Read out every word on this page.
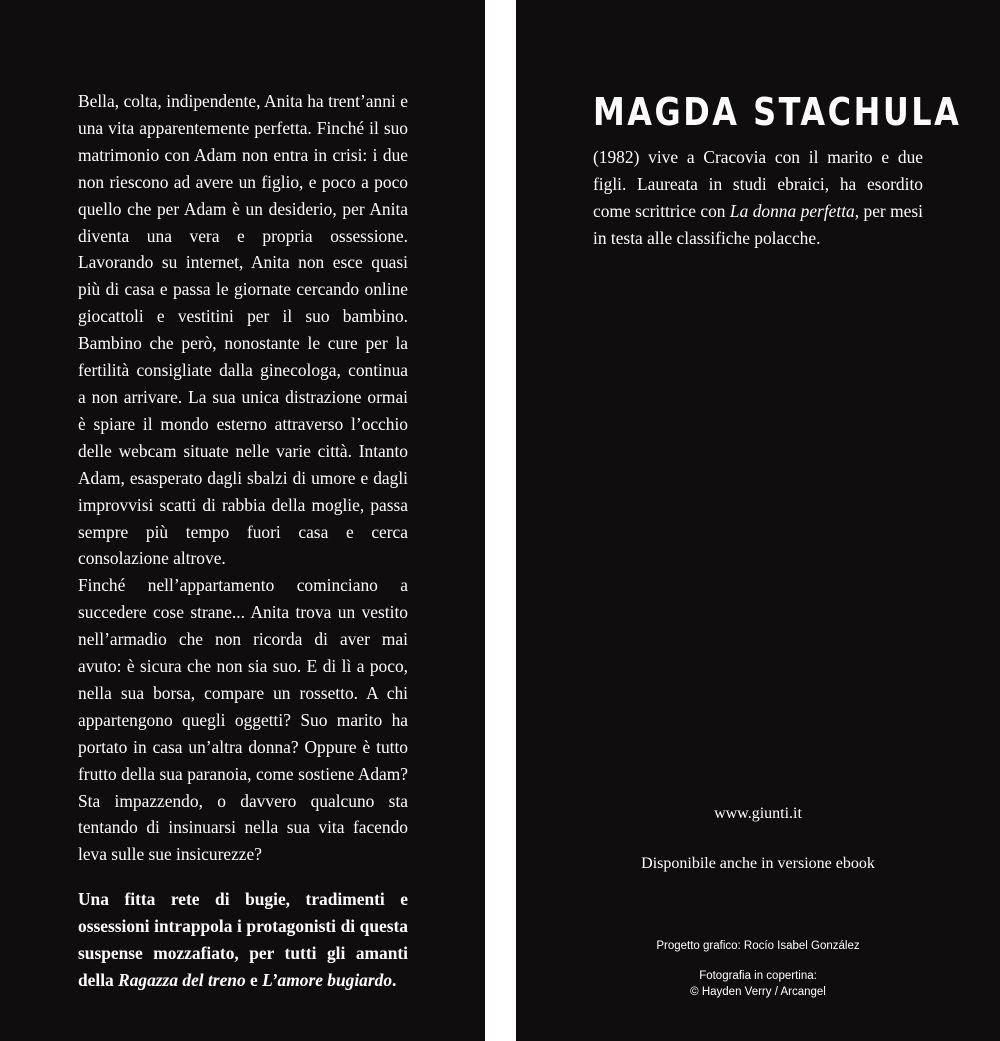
Bella, colta, indipendente, Anita ha trent’anni e una vita apparentemente perfetta. Finché il suo matrimonio con Adam non entra in crisi: i due non riescono ad avere un figlio, e poco a poco quello che per Adam è un desiderio, per Anita diventa una vera e propria ossessione. Lavorando su internet, Anita non esce quasi più di casa e passa le giornate cercando online giocattoli e vestitini per il suo bambino. Bambino che però, nonostante le cure per la fertilità consigliate dalla ginecologa, continua a non arrivare. La sua unica distrazione ormai è spiare il mondo esterno attraverso l’occhio delle webcam situate nelle varie città. Intanto Adam, esasperato dagli sbalzi di umore e dagli improvvisi scatti di rabbia della moglie, passa sempre più tempo fuori casa e cerca consolazione altrove.

Finché nell’appartamento cominciano a succedere cose strane... Anita trova un vestito nell’armadio che non ricorda di aver mai avuto: è sicura che non sia suo. E di lì a poco, nella sua borsa, compare un rossetto. A chi appartengono quegli oggetti? Suo marito ha portato in casa un’altra donna? Oppure è tutto frutto della sua paranoia, come sostiene Adam? Sta impazzendo, o davvero qualcuno sta tentando di insinuarsi nella sua vita facendo leva sulle sue insicurezze?

Una fitta rete di bugie, tradimenti e ossessioni intrappola i protagonisti di questa suspense mozzafiato, per tutti gli amanti della Ragazza del treno e L’amore bugiardo.

MAGDA STACHULA

(1982) vive a Cracovia con il marito e due figli. Laureata in studi ebraici, ha esordito come scrittrice con La donna perfetta, per mesi in testa alle classifiche polacche.

www.giunti.it

Disponibile anche in versione ebook

Progetto grafico: Rocío Isabel González

Fotografia in copertina:

© Hayden Verry / Arcangel
